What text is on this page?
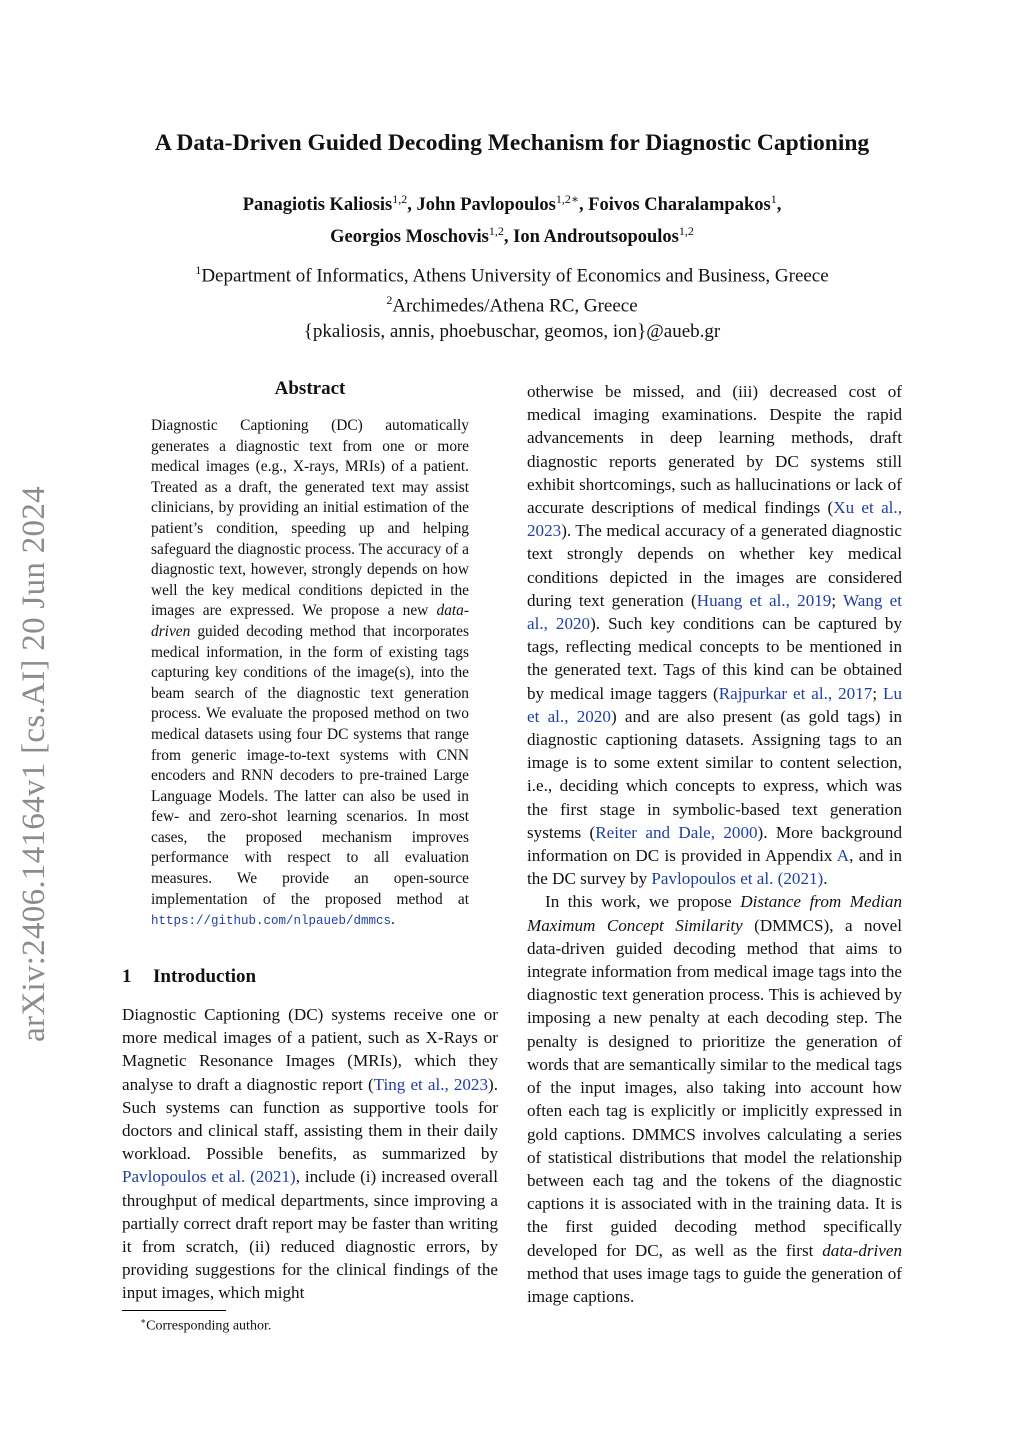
arXiv:2406.14164v1 [cs.AI] 20 Jun 2024
A Data-Driven Guided Decoding Mechanism for Diagnostic Captioning
Panagiotis Kaliosis$^{1,2}$, John Pavlopoulos$^{1,2∗}$, Foivos Charalampakos$^1$,
Georgios Moschovis$^{1,2}$, Ion Androutsopoulos$^{1,2}$
$^1$Department of Informatics, Athens University of Economics and Business, Greece
$^2$Archimedes/Athena RC, Greece
{pkaliosis, annis, phoebuschar, geomos, ion}@aueb.gr
Abstract
Diagnostic Captioning (DC) automatically generates a diagnostic text from one or more medical images (e.g., X-rays, MRIs) of a patient. Treated as a draft, the generated text may assist clinicians, by providing an initial estimation of the patient’s condition, speeding up and helping safeguard the diagnostic process. The accuracy of a diagnostic text, however, strongly depends on how well the key medical conditions depicted in the images are expressed. We propose a new data-driven guided decoding method that incorporates medical information, in the form of existing tags capturing key conditions of the image(s), into the beam search of the diagnostic text generation process. We evaluate the proposed method on two medical datasets using four DC systems that range from generic image-to-text systems with CNN encoders and RNN decoders to pre-trained Large Language Models. The latter can also be used in few- and zero-shot learning scenarios. In most cases, the proposed mechanism improves performance with respect to all evaluation measures. We provide an open-source implementation of the proposed method at https://github.com/nlpaueb/dmmcs.
1 Introduction

Diagnostic Captioning (DC) systems receive one or more medical images of a patient, such as X-Rays or Magnetic Resonance Images (MRIs), which they analyse to draft a diagnostic report (Ting et al., 2023). Such systems can function as supportive tools for doctors and clinical staff, assisting them in their daily workload. Possible benefits, as summarized by Pavlopoulos et al. (2021), include (i) increased overall throughput of medical departments, since improving a partially correct draft report may be faster than writing it from scratch, (ii) reduced diagnostic errors, by providing suggestions for the clinical findings of the input images, which might

otherwise be missed, and (iii) decreased cost of medical imaging examinations. Despite the rapid advancements in deep learning methods, draft diagnostic reports generated by DC systems still exhibit shortcomings, such as hallucinations or lack of accurate descriptions of medical findings (Xu et al., 2023). The medical accuracy of a generated diagnostic text strongly depends on whether key medical conditions depicted in the images are considered during text generation (Huang et al., 2019; Wang et al., 2020). Such key conditions can be captured by tags, reflecting medical concepts to be mentioned in the generated text. Tags of this kind can be obtained by medical image taggers (Rajpurkar et al., 2017; Lu et al., 2020) and are also present (as gold tags) in diagnostic captioning datasets. Assigning tags to an image is to some extent similar to content selection, i.e., deciding which concepts to express, which was the first stage in symbolic-based text generation systems (Reiter and Dale, 2000). More background information on DC is provided in Appendix A, and in the DC survey by Pavlopoulos et al. (2021).

In this work, we propose Distance from Median Maximum Concept Similarity (DMMCS), a novel data-driven guided decoding method that aims to integrate information from medical image tags into the diagnostic text generation process. This is achieved by imposing a new penalty at each decoding step. The penalty is designed to prioritize the generation of words that are semantically similar to the medical tags of the input images, also taking into account how often each tag is explicitly or implicitly expressed in gold captions. DMMCS involves calculating a series of statistical distributions that model the relationship between each tag and the tokens of the diagnostic captions it is associated with in the training data. It is the first guided decoding method specifically developed for DC, as well as the first data-driven method that uses image tags to guide the generation of image captions.

∗Corresponding author.
